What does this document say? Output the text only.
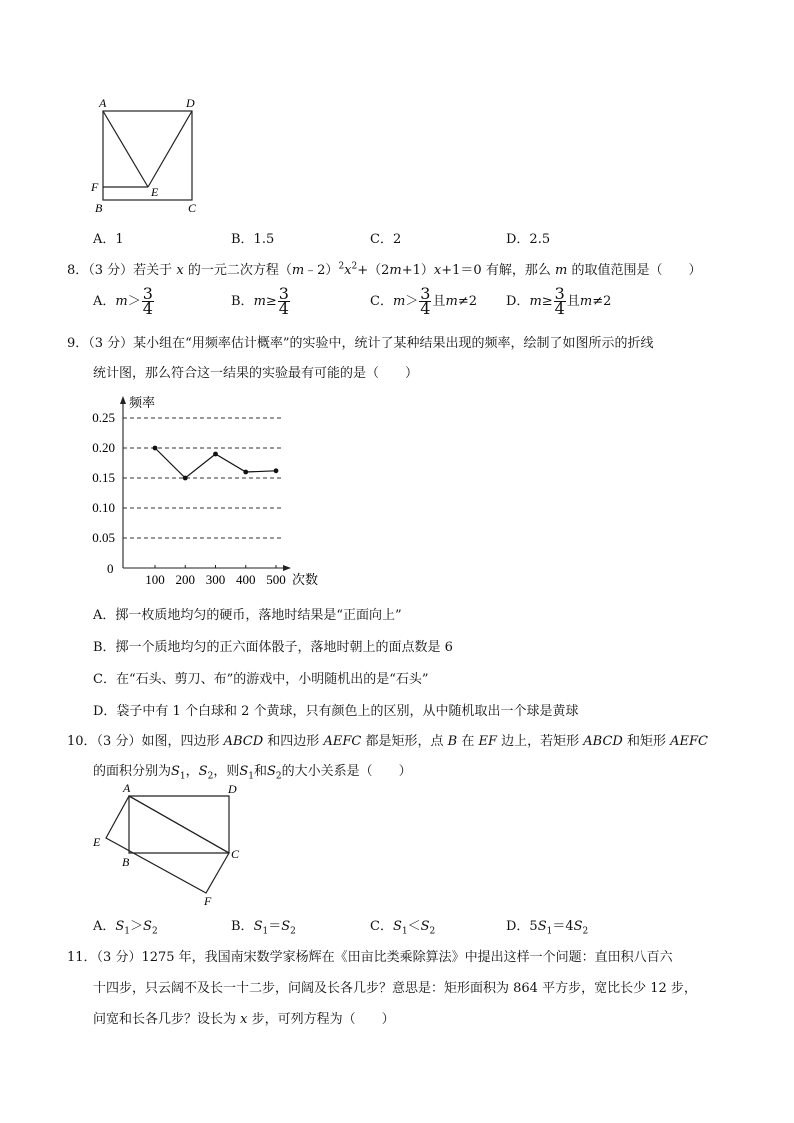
A	D
F	E
B	C
A．1	B．1.5	C．2	D．2.5
8．（3 分）若关于 x 的一元二次方程$(m﹣2)^2x^2+(2m+1)x+1=0$ 有解，那么 m 的取值范围是（　　）
A．$m> \frac{3}{4}$	B．$m\ge \frac{3}{4}$	C．$m> \frac{3}{4}$ 且m≠2 D．$m\ge \frac{3}{4}$ 且m≠2
9．（3 分）某小组在“用频率估计概率”的实验中，统计了某种结果出现的频率，绘制了如图所示的折线
统计图，那么符合这一结果的实验最有可能的是（　　）
0.25
0.20
0.15
0.10
0.05
频率
次数
0
100 200 300 400 500
A．掷一枚质地均匀的硬币，落地时结果是“正面向上”
B．掷一个质地均匀的正六面体骰子，落地时朝上的面点数是 6
C．在“石头、剪刀、布”的游戏中，小明随机出的是“石头”
D．袋子中有 1 个白球和 2 个黄球，只有颜色上的区别，从中随机取出一个球是黄球
10．（3 分）如图，四边形 ABCD 和四边形 AEFC 都是矩形，点 B 在 EF 边上，若矩形 ABCD 和矩形 AEFC
的面积分别为$S_1$，$S_2$，则$S_1$和$S_2$的大小关系是（　　）
A	D
E
B
C
F
A．$S_1>S_2$	B．$S_1=S_2$	C．$S_1<S_2$	D．$5S_1=4S_2$
11．（3 分）1275 年，我国南宋数学家杨辉在《田亩比类乘除算法》中提出这样一个问题：直田积八百六
十四步，只云阔不及长一十二步，问阔及长各几步？意思是：矩形面积为 864 平方步，宽比长少 12 步，
问宽和长各几步？设长为 x 步，可列方程为（　　）
